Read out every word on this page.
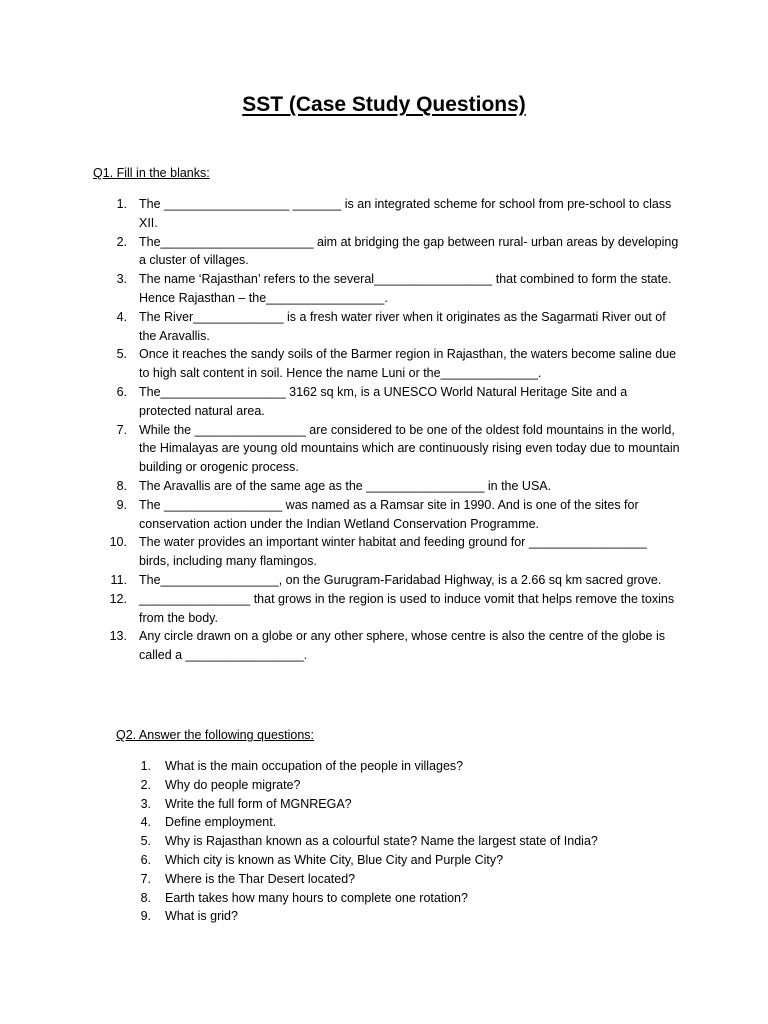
SST (Case Study Questions)
Q1. Fill in the blanks:
1. The __________________ _______ is an integrated scheme for school from pre-school to class XII.
2. The______________________ aim at bridging the gap between rural- urban areas by developing a cluster of villages.
3. The name ‘Rajasthan’ refers to the several_________________ that combined to form the state. Hence Rajasthan – the_________________.
4. The River_____________ is a fresh water river when it originates as the Sagarmati River out of the Aravallis.
5. Once it reaches the sandy soils of the Barmer region in Rajasthan, the waters become saline due to high salt content in soil. Hence the name Luni or the______________.
6. The__________________ 3162 sq km, is a UNESCO World Natural Heritage Site and a protected natural area.
7. While the ________________ are considered to be one of the oldest fold mountains in the world, the Himalayas are young old mountains which are continuously rising even today due to mountain building or orogenic process.
8. The Aravallis are of the same age as the _________________ in the USA.
9. The _________________ was named as a Ramsar site in 1990. And is one of the sites for conservation action under the Indian Wetland Conservation Programme.
10. The water provides an important winter habitat and feeding ground for _________________ birds, including many flamingos.
11. The_________________, on the Gurugram-Faridabad Highway, is a 2.66 sq km sacred grove.
12. ________________ that grows in the region is used to induce vomit that helps remove the toxins from the body.
13. Any circle drawn on a globe or any other sphere, whose centre is also the centre of the globe is called a _________________.
Q2. Answer the following questions:
1. What is the main occupation of the people in villages?
2. Why do people migrate?
3. Write the full form of MGNREGA?
4. Define employment.
5. Why is Rajasthan known as a colourful state? Name the largest state of India?
6. Which city is known as White City, Blue City and Purple City?
7. Where is the Thar Desert located?
8. Earth takes how many hours to complete one rotation?
9. What is grid?
